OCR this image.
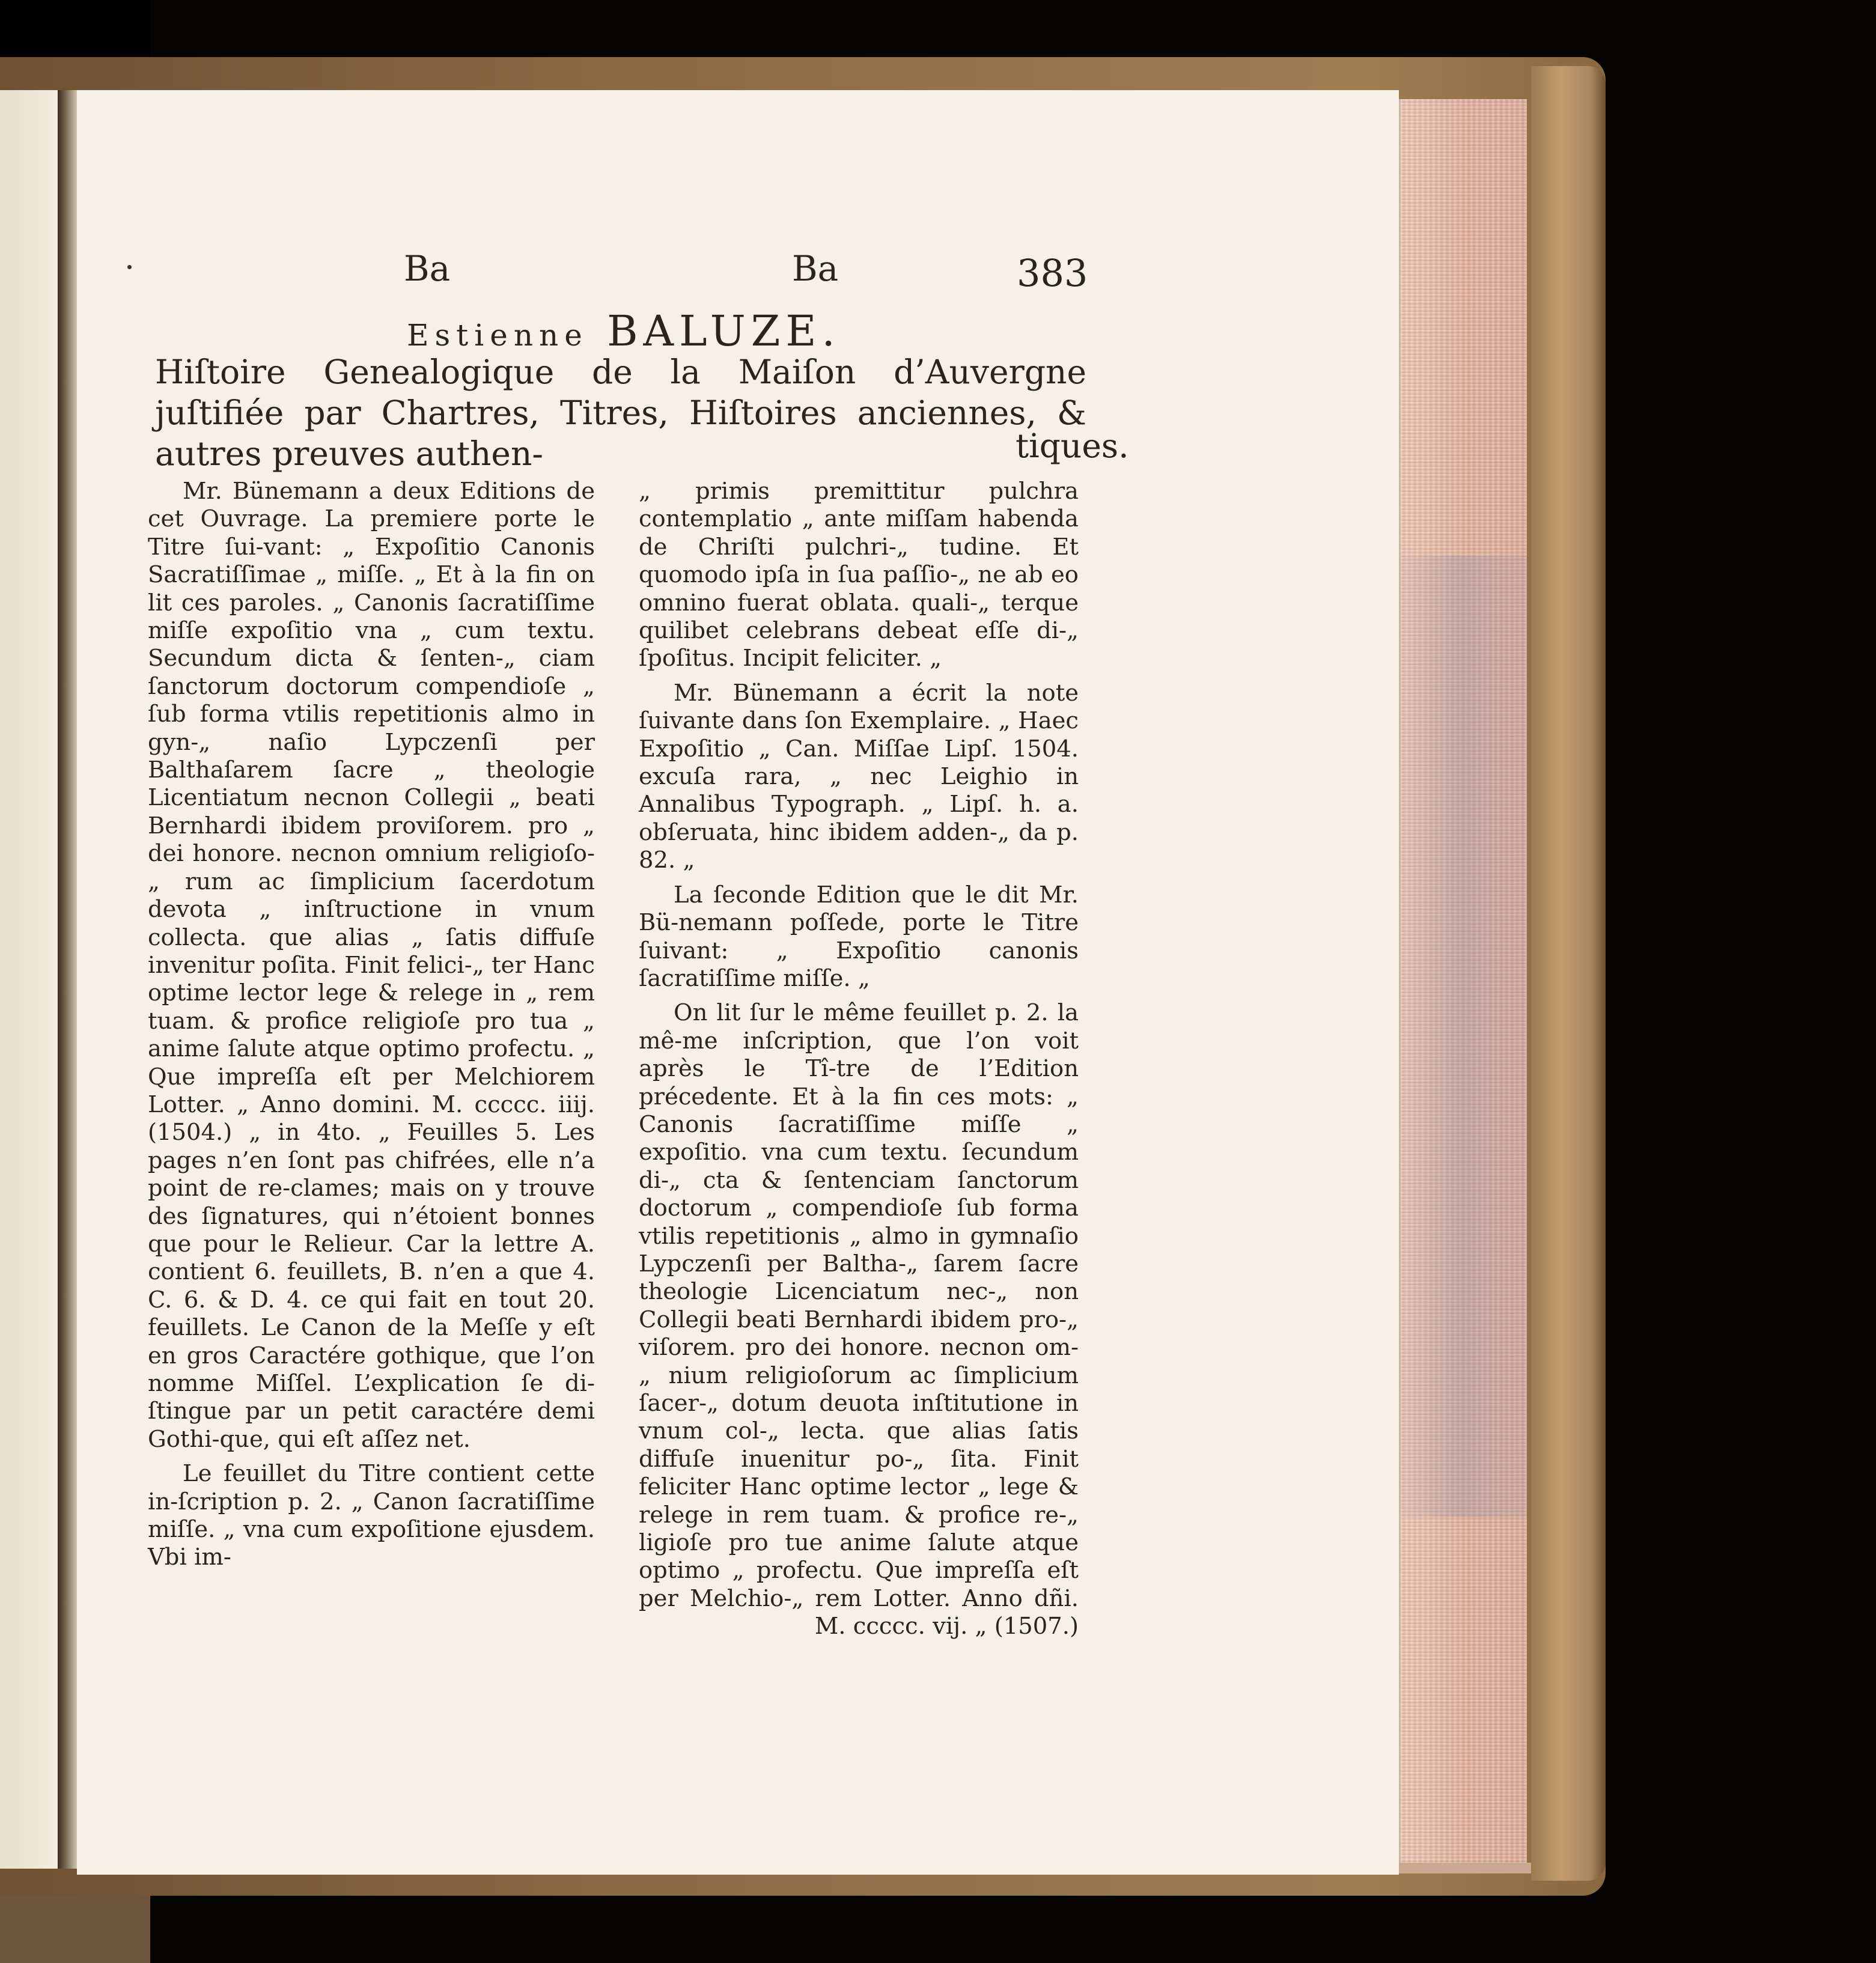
Ba	Ba	383
Estienne BALUZE.
Hiſtoire Genealogique de la Maiſon d’Auvergne juſtifiée par Chartres, Titres, Hiſtoires anciennes, & autres preuves authen-	tiques.

Mr. Bünemann a deux Editions de cet Ouvrage. La premiere porte le Titre ſui-vant: „ Expoſitio Canonis Sacratiſſimae „ miſſe. „ Et à la fin on lit ces paroles. „ Canonis ſacratiſſime miſſe expoſitio vna „ cum textu. Secundum dicta & ſenten-„ ciam ſanctorum doctorum compendioſe „ ſub forma vtilis repetitionis almo in gyn-„ naſio Lypczenſi per Balthaſarem ſacre „ theologie Licentiatum necnon Collegii „ beati Bernhardi ibidem proviſorem. pro „ dei honore. necnon omnium religioſo-„ rum ac ſimplicium ſacerdotum devota „ inſtructione in vnum collecta. que alias „ ſatis diffuſe invenitur poſita. Finit felici-„ ter Hanc optime lector lege & relege in „ rem tuam. & profice religioſe pro tua „ anime ſalute atque optimo profectu. „ Que impreſſa eſt per Melchiorem Lotter. „ Anno domini. M. ccccc. iiij. (1504.) „ in 4to. „ Feuilles 5. Les pages n’en ſont pas chifrées, elle n’a point de re-clames; mais on y trouve des ſignatures, qui n’étoient bonnes que pour le Relieur. Car la lettre A. contient 6. feuillets, B. n’en a que 4. C. 6. & D. 4. ce qui fait en tout 20. feuillets. Le Canon de la Meſſe y eſt en gros Caractére gothique, que l’on nomme Miſſel. L’explication ſe di-ſtingue par un petit caractére demi Gothi-que, qui eſt aſſez net.

Le feuillet du Titre contient cette in-ſcription p. 2. „ Canon ſacratiſſime miſſe. „ vna cum expoſitione ejusdem. Vbi im-

„ primis premittitur pulchra contemplatio „ ante miſſam habenda de Chriſti pulchri-„ tudine. Et quomodo ipſa in ſua paſſio-„ ne ab eo omnino fuerat oblata. quali-„ terque quilibet celebrans debeat eſſe di-„ ſpoſitus. Incipit feliciter. „

Mr. Bünemann a écrit la note ſuivante dans ſon Exemplaire. „ Haec Expoſitio „ Can. Miſſae Lipſ. 1504. excuſa rara, „ nec Leighio in Annalibus Typograph. „ Lipſ. h. a. obſeruata, hinc ibidem adden-„ da p. 82. „

La ſeconde Edition que le dit Mr. Bü-nemann poſſede, porte le Titre ſuivant: „ Expoſitio canonis ſacratiſſime miſſe. „

On lit ſur le même feuillet p. 2. la mê-me inſcription, que l’on voit après le Tî-tre de l’Edition précedente. Et à la fin ces mots: „ Canonis ſacratiſſime miſſe „ expoſitio. vna cum textu. ſecundum di-„ cta & ſentenciam ſanctorum doctorum „ compendioſe ſub forma vtilis repetitionis „ almo in gymnaſio Lypczenſi per Baltha-„ ſarem ſacre theologie Licenciatum nec-„ non Collegii beati Bernhardi ibidem pro-„ viſorem. pro dei honore. necnon om-„ nium religioſorum ac ſimplicium ſacer-„ dotum deuota inſtitutione in vnum col-„ lecta. que alias ſatis diffuſe inuenitur po-„ ſita. Finit feliciter Hanc optime lector „ lege & relege in rem tuam. & profice re-„ ligioſe pro tue anime ſalute atque optimo „ profectu. Que impreſſa eſt per Melchio-„ rem Lotter. Anno dñi. M. ccccc. vij. „ (1507.)
